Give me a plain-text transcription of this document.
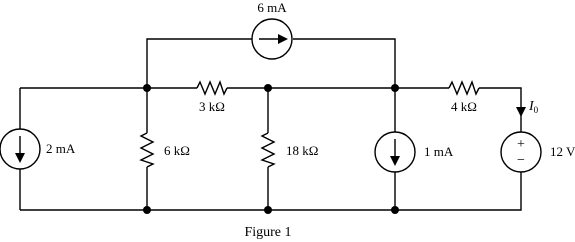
6 mA
2 mA	6 kΩ
3 kΩ
18 kΩ	1 mA
4 kΩ	$I_0$
+
−
12 V
Figure 1
